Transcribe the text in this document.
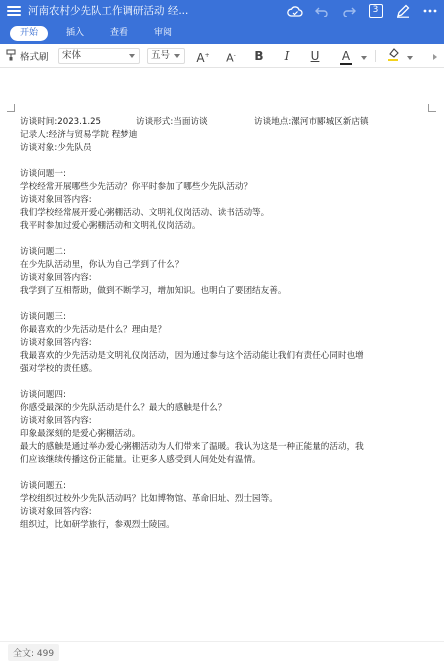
河南农村少先队工作调研活动 经...	3
开始	插入	查看	审阅
格式刷	宋体	五号	A+	A-	B	I	U	A
访谈时间:2023.1.25	访谈形式:当面访谈	访谈地点:漯河市郾城区新店镇
记录人:经济与贸易学院 程梦迪
访谈对象:少先队员
访谈问题一:
学校经常开展哪些少先活动？你平时参加了哪些少先队活动？
访谈对象回答内容:
我们学校经常展开爱心粥棚活动、文明礼仪岗活动、读书活动等。
我平时参加过爱心粥棚活动和文明礼仪岗活动。
访谈问题二:
在少先队活动里，你认为自己学到了什么？
访谈对象回答内容:
我学到了互相帮助，做到不断学习，增加知识。也明白了要团结友善。
访谈问题三:
你最喜欢的少先活动是什么？理由是？
访谈对象回答内容:
我最喜欢的少先活动是文明礼仪岗活动，因为通过参与这个活动能让我们有责任心同时也增
强对学校的责任感。
访谈问题四:
你感受最深的少先队活动是什么？最大的感触是什么？
访谈对象回答内容:
印象最深刻的是爱心粥棚活动。
最大的感触是通过举办爱心粥棚活动为人们带来了温暖。我认为这是一种正能量的活动，我
们应该继续传播这份正能量。让更多人感受到人间处处有温情。
访谈问题五:
学校组织过校外少先队活动吗？比如博物馆、革命旧址、烈士园等。
访谈对象回答内容:
组织过，比如研学旅行，参观烈士陵园。
全文: 499
